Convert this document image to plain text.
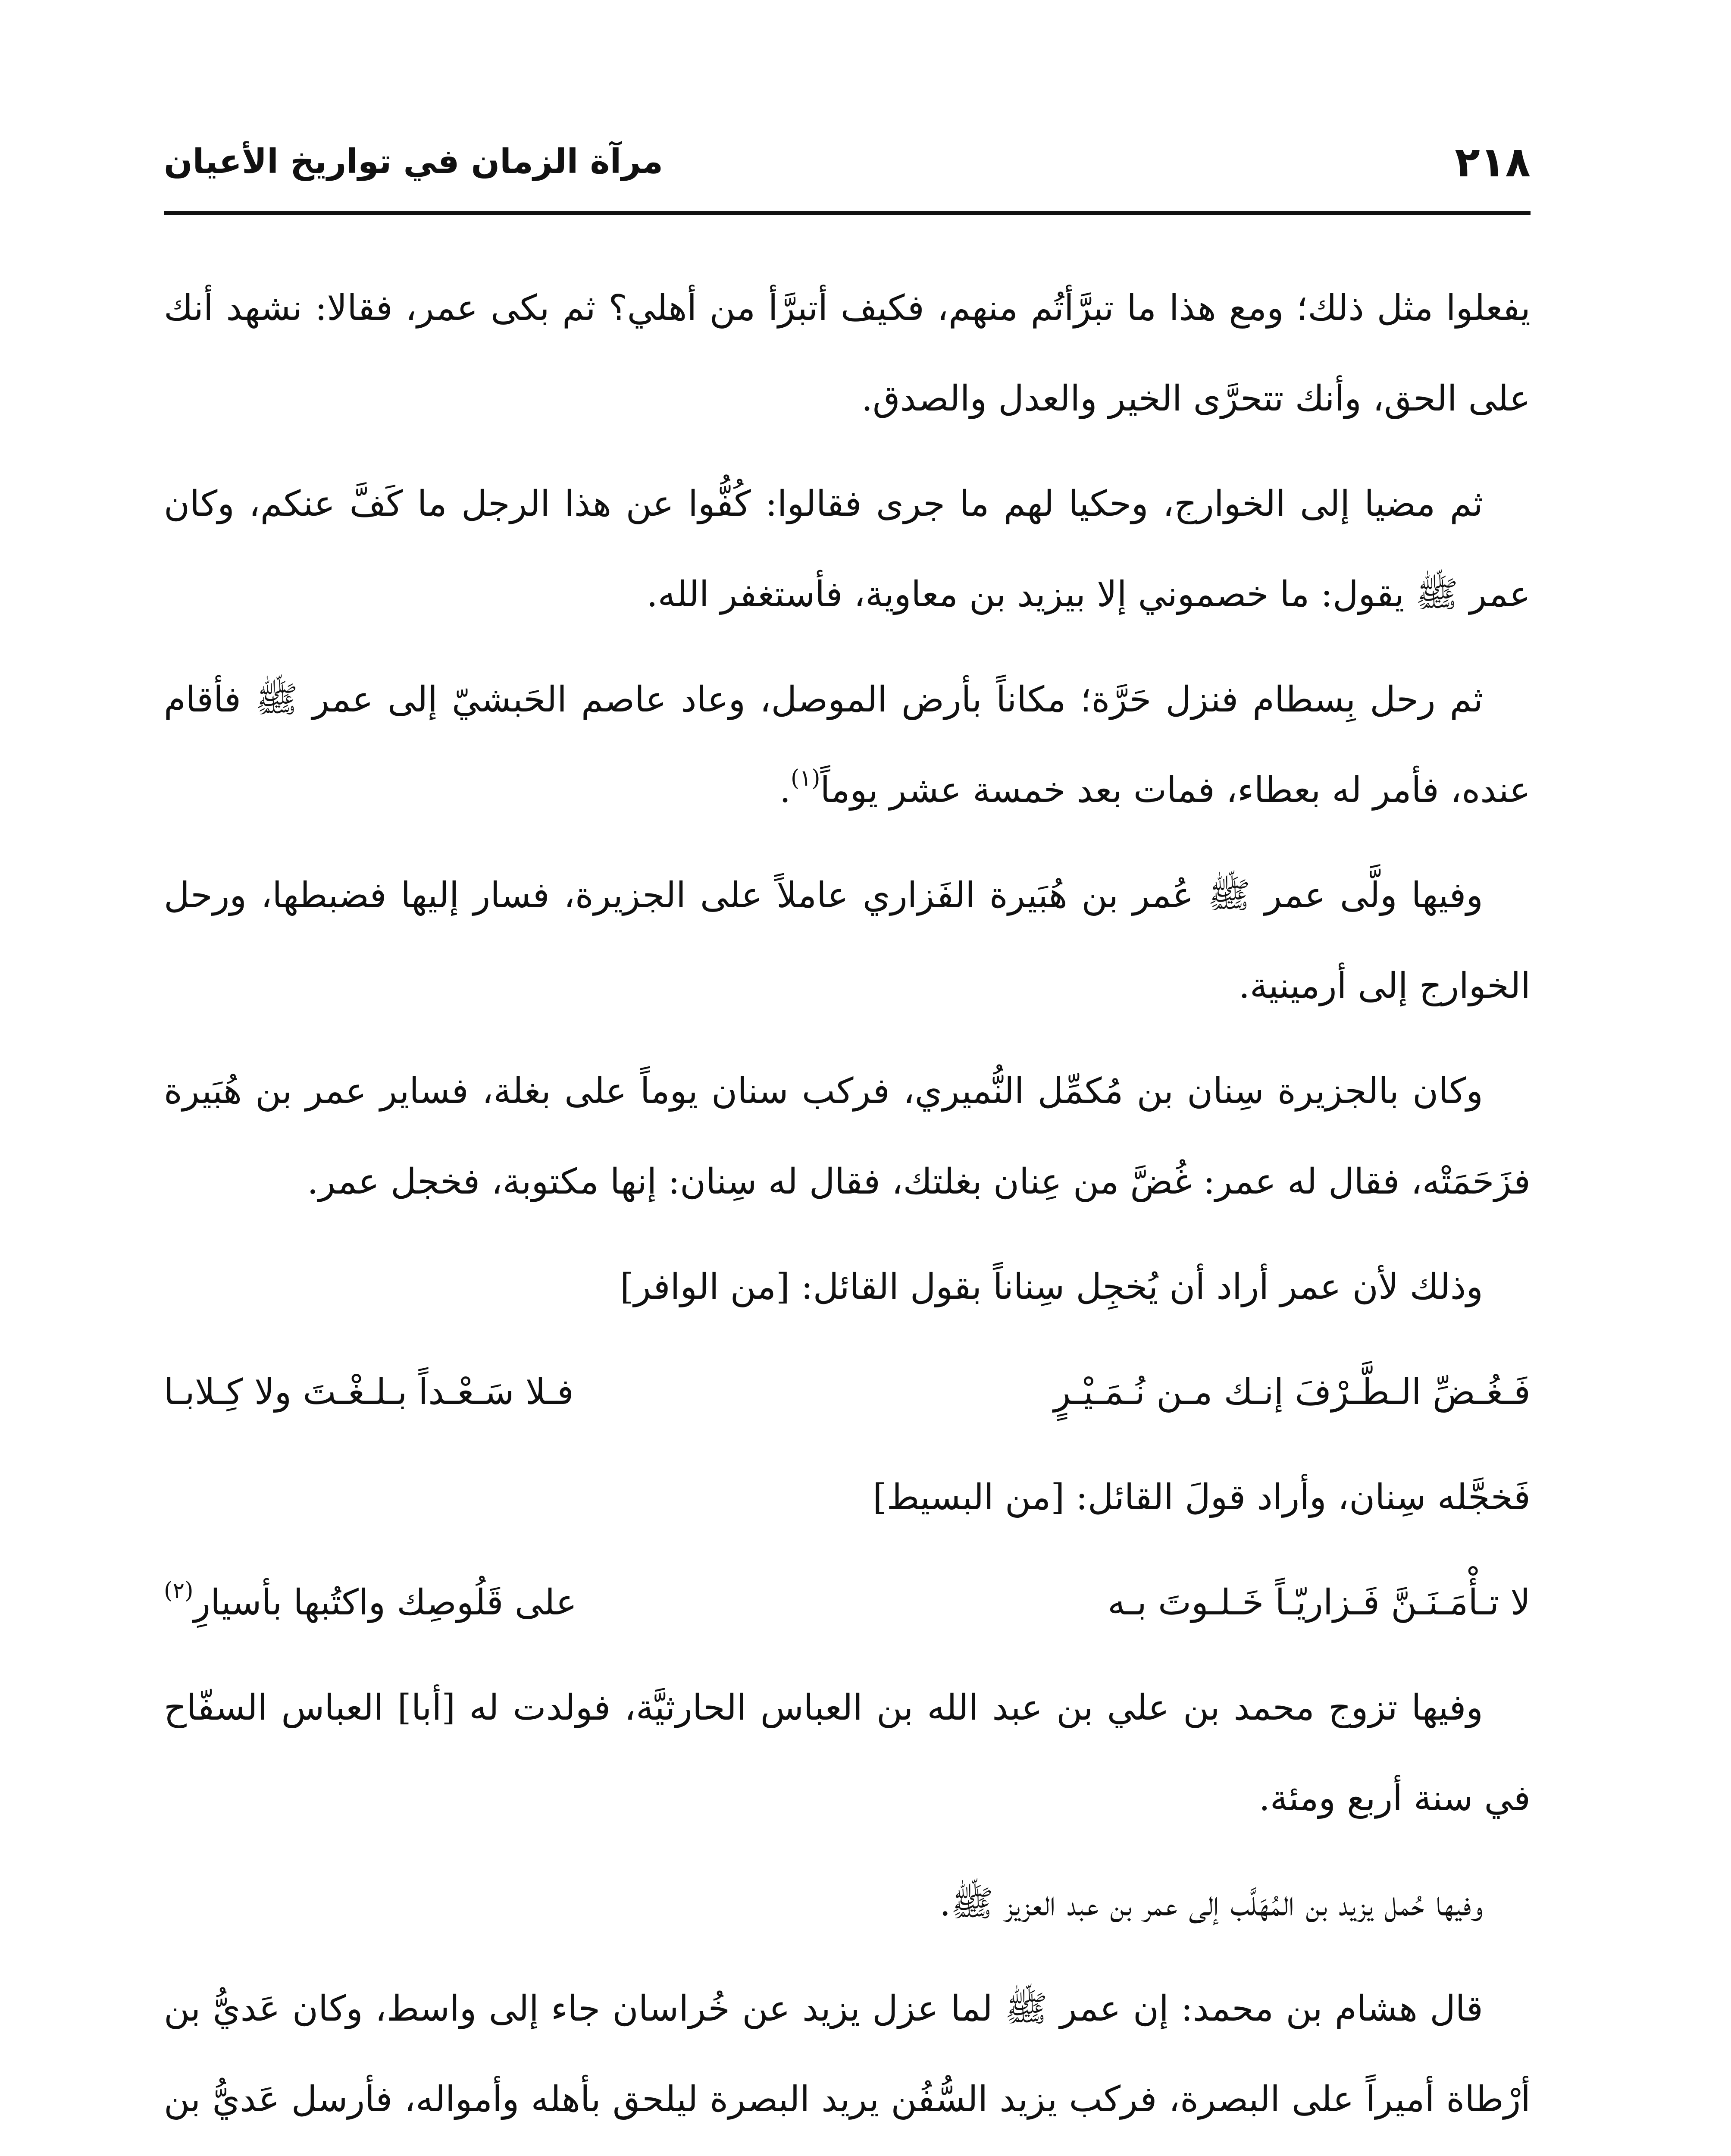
٢١٨
مرآة الزمان في تواريخ الأعيان

يفعلوا مثل ذلك؛ ومع هذا ما تبرَّأتُم منهم، فكيف أتبرَّأ من أهلي؟ ثم بكى عمر، فقالا: نشهد أنك على الحق، وأنك تتحرَّى الخير والعدل والصدق.

ثم مضيا إلى الخوارج، وحكيا لهم ما جرى فقالوا: كُفُّوا عن هذا الرجل ما كَفَّ عنكم، وكان عمر ﷺ يقول: ما خصموني إلا بيزيد بن معاوية، فأستغفر الله.

ثم رحل بِسطام فنزل حَرَّة؛ مكاناً بأرض الموصل، وعاد عاصم الحَبشيّ إلى عمر ﷺ فأقام عنده، فأمر له بعطاء، فمات بعد خمسة عشر يوماً$^{(١)}$.

وفيها ولَّى عمر ﷺ عُمر بن هُبَيرة الفَزاري عاملاً على الجزيرة، فسار إليها فضبطها، ورحل الخوارج إلى أرمينية.

وكان بالجزيرة سِنان بن مُكمِّل النُّميري، فركب سنان يوماً على بغلة، فساير عمر بن هُبَيرة فزَحَمَتْه، فقال له عمر: غُضَّ من عِنان بغلتك، فقال له سِنان: إنها مكتوبة، فخجل عمر.

وذلك لأن عمر أراد أن يُخجِل سِناناً بقول القائل: [من الوافر]

فَـغُـضِّ الـطَّـرْفَ إنـك مـن نُـمَـيْـرٍ
فـلا سَـعْـداً بـلـغْـتَ ولا كِـلابـا

فَخجَّله سِنان، وأراد قولَ القائل: [من البسيط]

لا تـأْمَـنَـنَّ فَـزاريّـاً خَـلـوتَ بـه
على قَلُوصِك واكتُبها بأسيارِ$^{(٢)}$

وفيها تزوج محمد بن علي بن عبد الله بن العباس الحارثيَّة، فولدت له [أبا] العباس السفّاح في سنة أربع ومئة.

وفيها حُمل يزيد بن المُهَلَّب إلى عمر بن عبد العزيز ﷺ.

قال هشام بن محمد: إن عمر ﷺ لما عزل يزيد عن خُراسان جاء إلى واسط، وكان عَديُّ بن أرْطاة أميراً على البصرة، فركب يزيد السُّفُن يريد البصرة ليلحق بأهله وأمواله، فأرسل عَديُّ بن
